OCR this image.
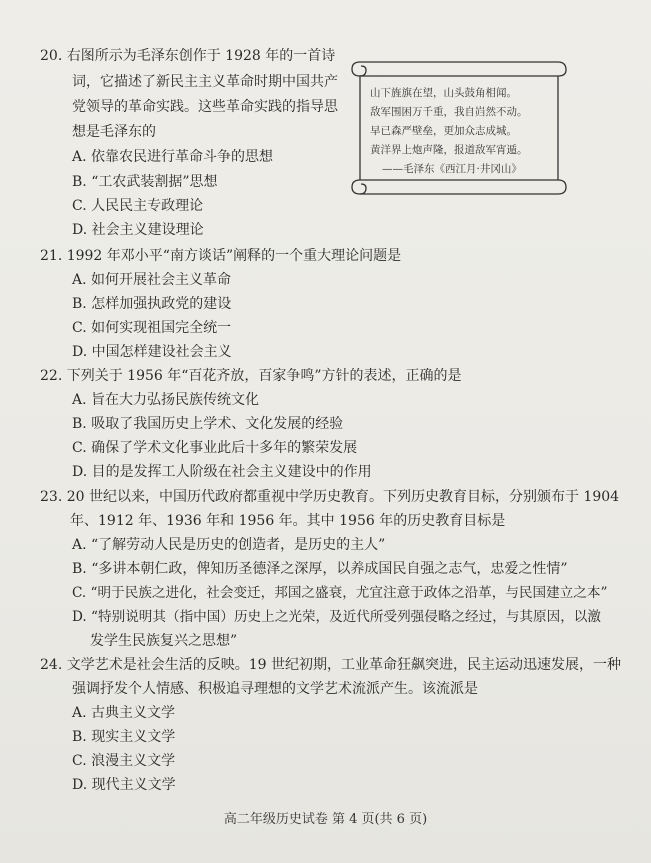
20. 右图所示为毛泽东创作于 1928 年的一首诗
词，它描述了新民主主义革命时期中国共产
党领导的革命实践。这些革命实践的指导思
想是毛泽东的
A. 依靠农民进行革命斗争的思想
B. “工农武装割据”思想
C. 人民民主专政理论
D. 社会主义建设理论
山下旌旗在望，山头鼓角相闻。
敌军围困万千重，我自岿然不动。
早已森严壁垒，更加众志成城。
黄洋界上炮声隆，报道敌军宵遁。
——毛泽东《西江月·井冈山》
21. 1992 年邓小平“南方谈话”阐释的一个重大理论问题是
A. 如何开展社会主义革命
B. 怎样加强执政党的建设
C. 如何实现祖国完全统一
D. 中国怎样建设社会主义
22. 下列关于 1956 年“百花齐放，百家争鸣”方针的表述，正确的是
A. 旨在大力弘扬民族传统文化
B. 吸取了我国历史上学术、文化发展的经验
C. 确保了学术文化事业此后十多年的繁荣发展
D. 目的是发挥工人阶级在社会主义建设中的作用
23. 20 世纪以来，中国历代政府都重视中学历史教育。下列历史教育目标，分别颁布于 1904
年、1912 年、1936 年和 1956 年。其中 1956 年的历史教育目标是
A. “了解劳动人民是历史的创造者，是历史的主人”
B. “多讲本朝仁政，俾知历圣德泽之深厚，以养成国民自强之志气，忠爱之性情”
C. “明于民族之进化，社会变迁，邦国之盛衰，尤宜注意于政体之沿革，与民国建立之本”
D. “特别说明其（指中国）历史上之光荣，及近代所受列强侵略之经过，与其原因，以激
发学生民族复兴之思想”
24. 文学艺术是社会生活的反映。19 世纪初期，工业革命狂飙突进，民主运动迅速发展，一种
强调抒发个人情感、积极追寻理想的文学艺术流派产生。该流派是
A. 古典主义文学
B. 现实主义文学
C. 浪漫主义文学
D. 现代主义文学
高二年级历史试卷 第 4 页(共 6 页)
